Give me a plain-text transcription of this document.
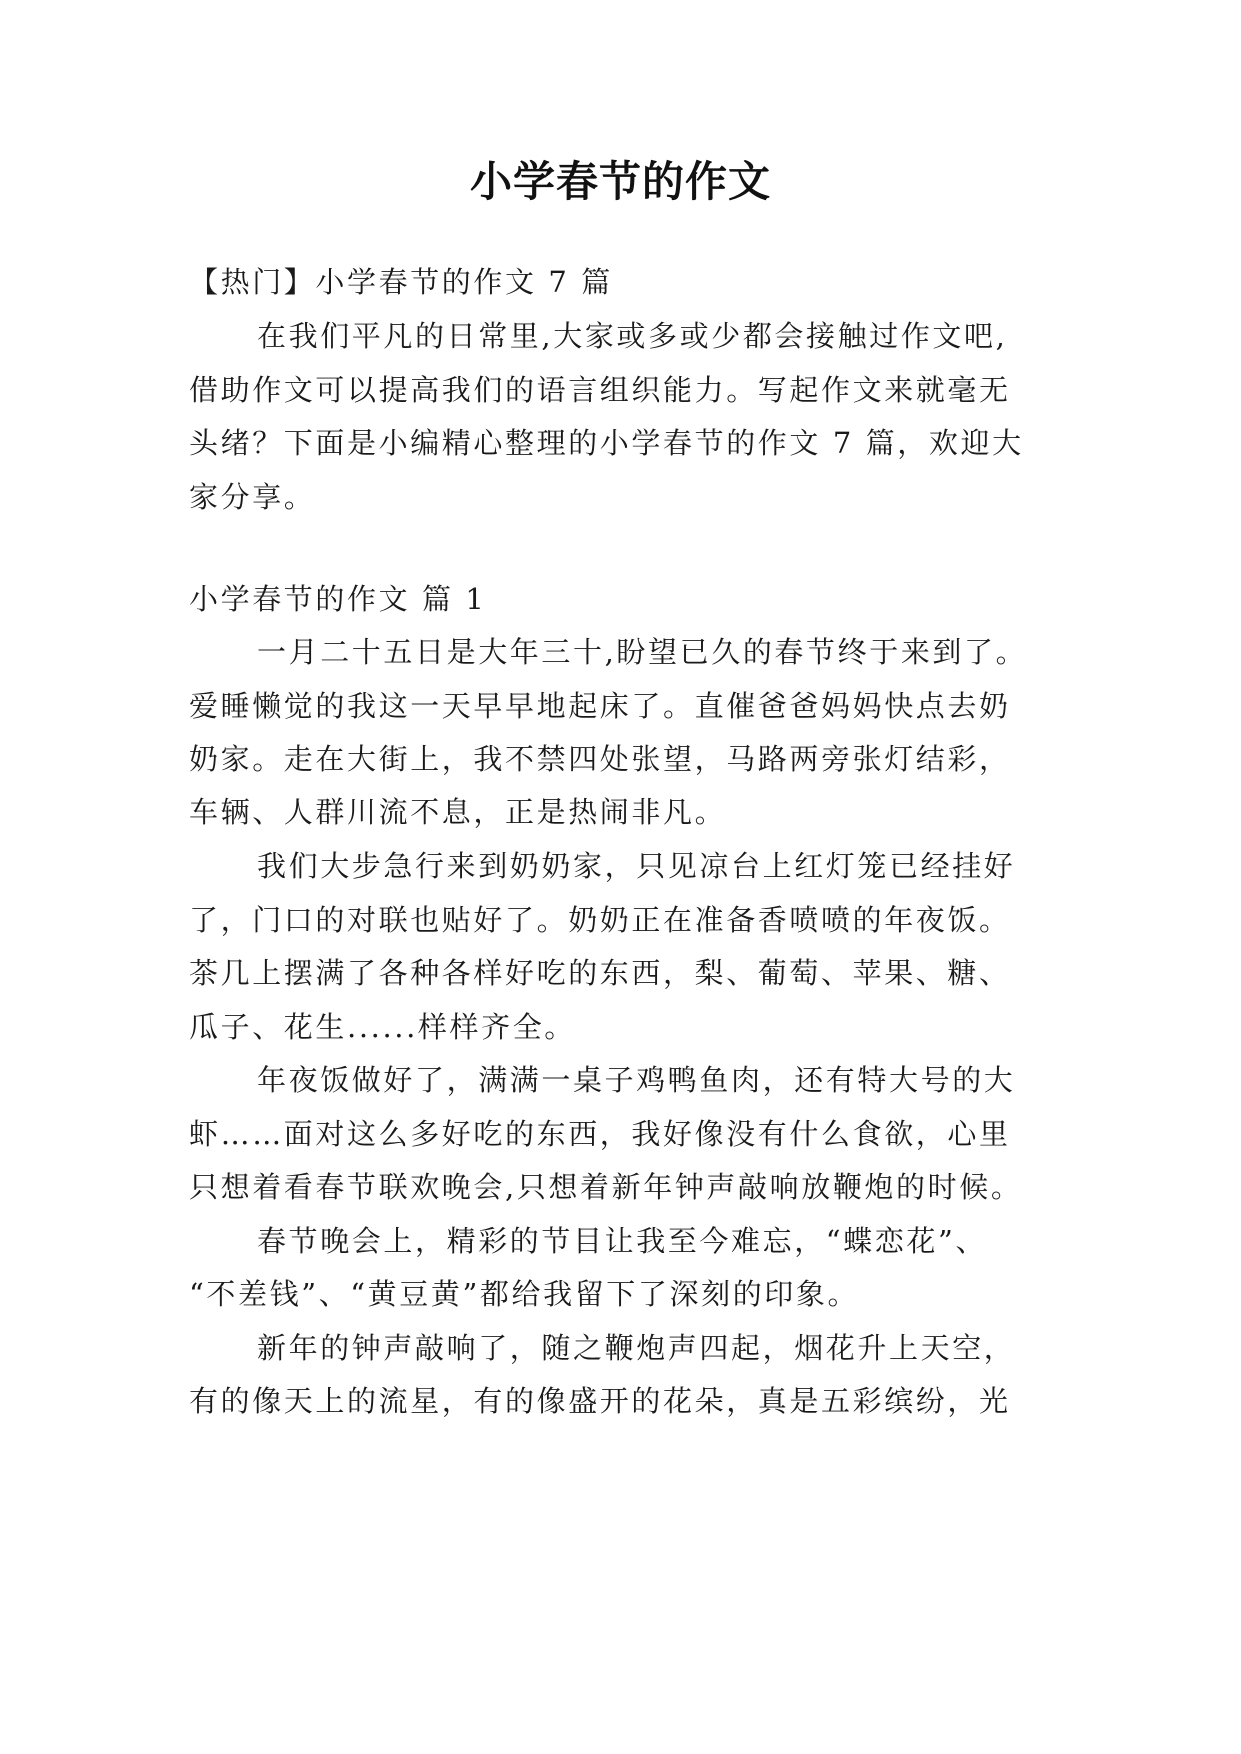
小学春节的作文
【热门】小学春节的作文 7 篇
在我们平凡的日常里,大家或多或少都会接触过作文吧,
借助作文可以提高我们的语言组织能力。写起作文来就毫无
头绪？下面是小编精心整理的小学春节的作文 7 篇，欢迎大
家分享。
小学春节的作文 篇 1
一月二十五日是大年三十,盼望已久的春节终于来到了。
爱睡懒觉的我这一天早早地起床了。直催爸爸妈妈快点去奶
奶家。走在大街上，我不禁四处张望，马路两旁张灯结彩，
车辆、人群川流不息，正是热闹非凡。
我们大步急行来到奶奶家，只见凉台上红灯笼已经挂好
了，门口的对联也贴好了。奶奶正在准备香喷喷的年夜饭。
茶几上摆满了各种各样好吃的东西，梨、葡萄、苹果、糖、
瓜子、花生......样样齐全。
年夜饭做好了，满满一桌子鸡鸭鱼肉，还有特大号的大
虾……面对这么多好吃的东西，我好像没有什么食欲，心里
只想着看春节联欢晚会,只想着新年钟声敲响放鞭炮的时候。
春节晚会上，精彩的节目让我至今难忘，“蝶恋花”、
“不差钱”、“黄豆黄”都给我留下了深刻的印象。
新年的钟声敲响了，随之鞭炮声四起，烟花升上天空，
有的像天上的流星，有的像盛开的花朵，真是五彩缤纷，光
